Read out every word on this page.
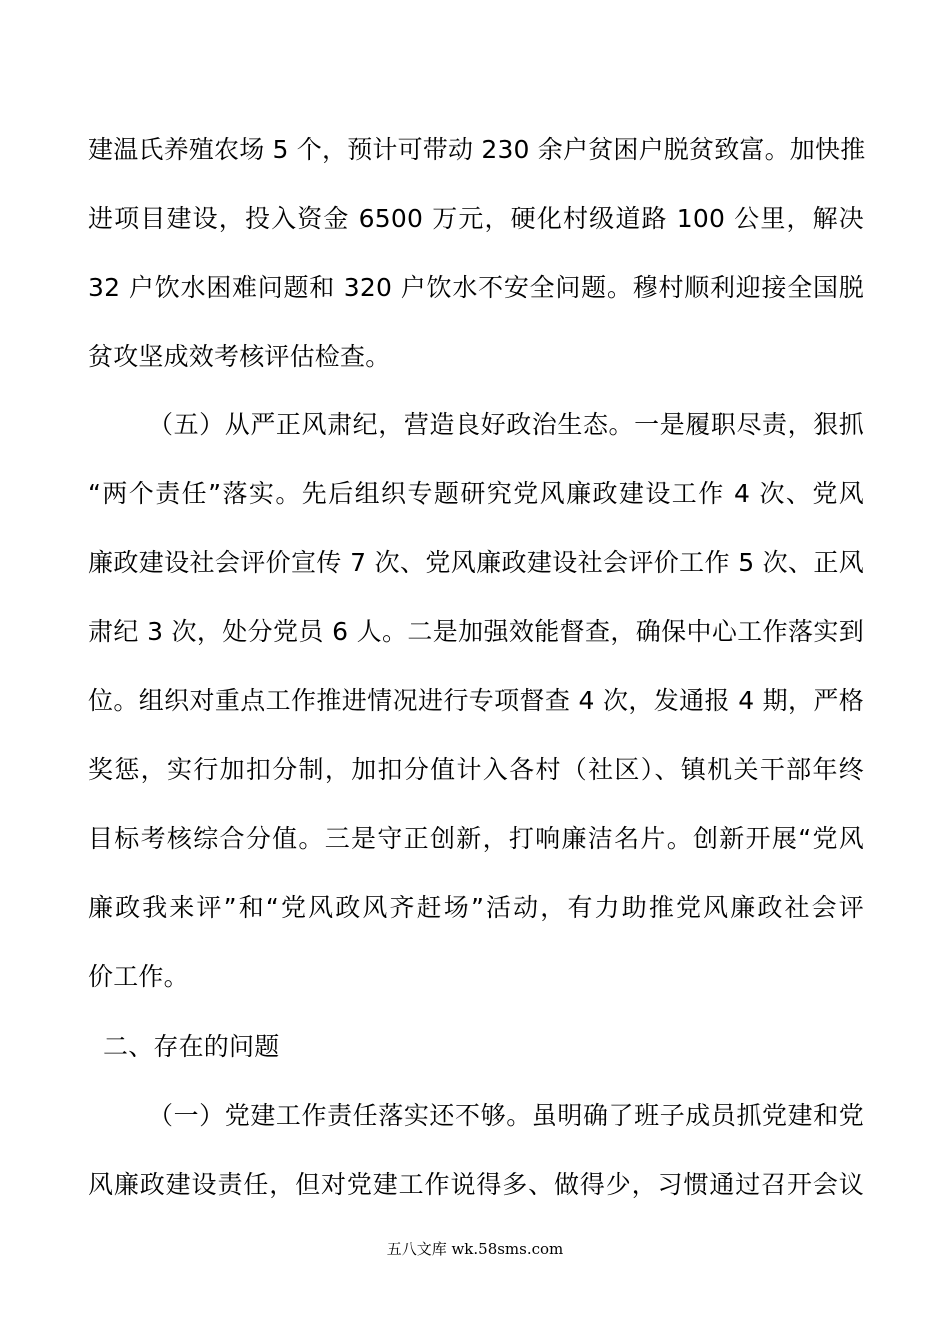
建温氏养殖农场 5 个，预计可带动 230 余户贫困户脱贫致富。加快推
进项目建设，投入资金 6500 万元，硬化村级道路 100 公里，解决
32 户饮水困难问题和 320 户饮水不安全问题。穆村顺利迎接全国脱
贫攻坚成效考核评估检查。
（五）从严正风肃纪，营造良好政治生态。一是履职尽责，狠抓
“两个责任”落实。先后组织专题研究党风廉政建设工作 4 次、党风
廉政建设社会评价宣传 7 次、党风廉政建设社会评价工作 5 次、正风
肃纪 3 次，处分党员 6 人。二是加强效能督查，确保中心工作落实到
位。组织对重点工作推进情况进行专项督查 4 次，发通报 4 期，严格
奖惩，实行加扣分制，加扣分值计入各村（社区）、镇机关干部年终
目标考核综合分值。三是守正创新，打响廉洁名片。创新开展“党风
廉政我来评”和“党风政风齐赶场”活动，有力助推党风廉政社会评
价工作。
二、存在的问题
（一）党建工作责任落实还不够。虽明确了班子成员抓党建和党
风廉政建设责任，但对党建工作说得多、做得少，习惯通过召开会议
五八文库 wk.58sms.com
